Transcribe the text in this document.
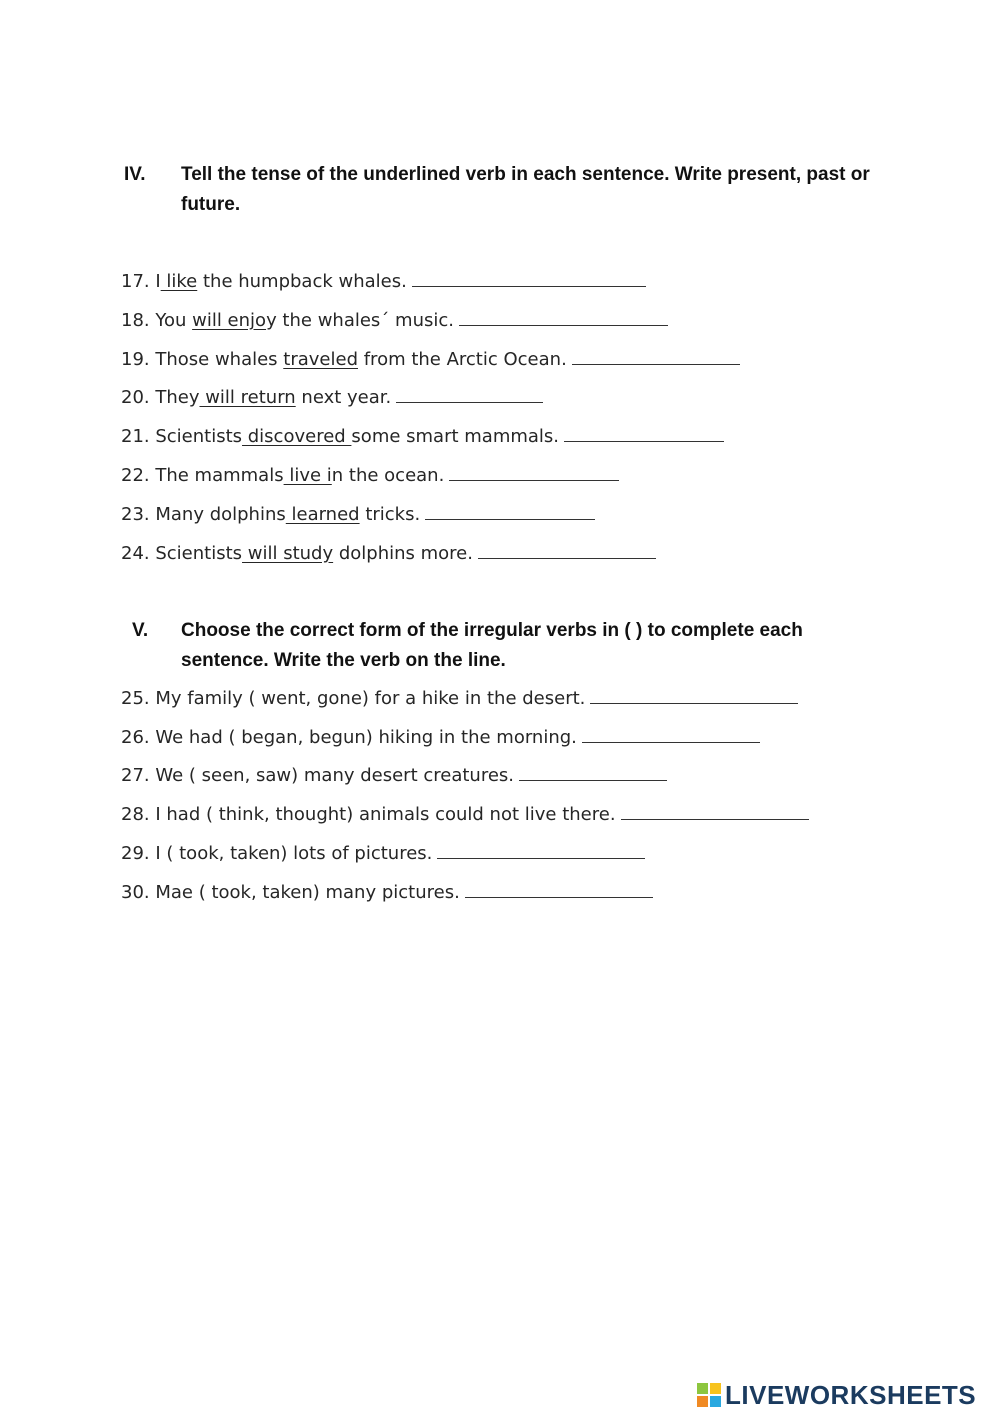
IV. Tell the tense of the underlined verb in each sentence. Write present, past or future.
17. I like the humpback whales.
18. You will enjoy the whales´ music.
19. Those whales traveled from the Arctic Ocean.
20. They will return next year.
21. Scientists discovered some smart mammals.
22. The mammals live in the ocean.
23. Many dolphins learned tricks.
24. Scientists will study dolphins more.
V. Choose the correct form of the irregular verbs in ( ) to complete each sentence. Write the verb on the line.
25. My family ( went, gone) for a hike in the desert.
26. We had ( began, begun) hiking in the morning.
27. We ( seen, saw) many desert creatures.
28. I had ( think, thought) animals could not live there.
29. I ( took, taken) lots of pictures.
30. Mae ( took, taken) many pictures.
LIVEWORKSHEETS
